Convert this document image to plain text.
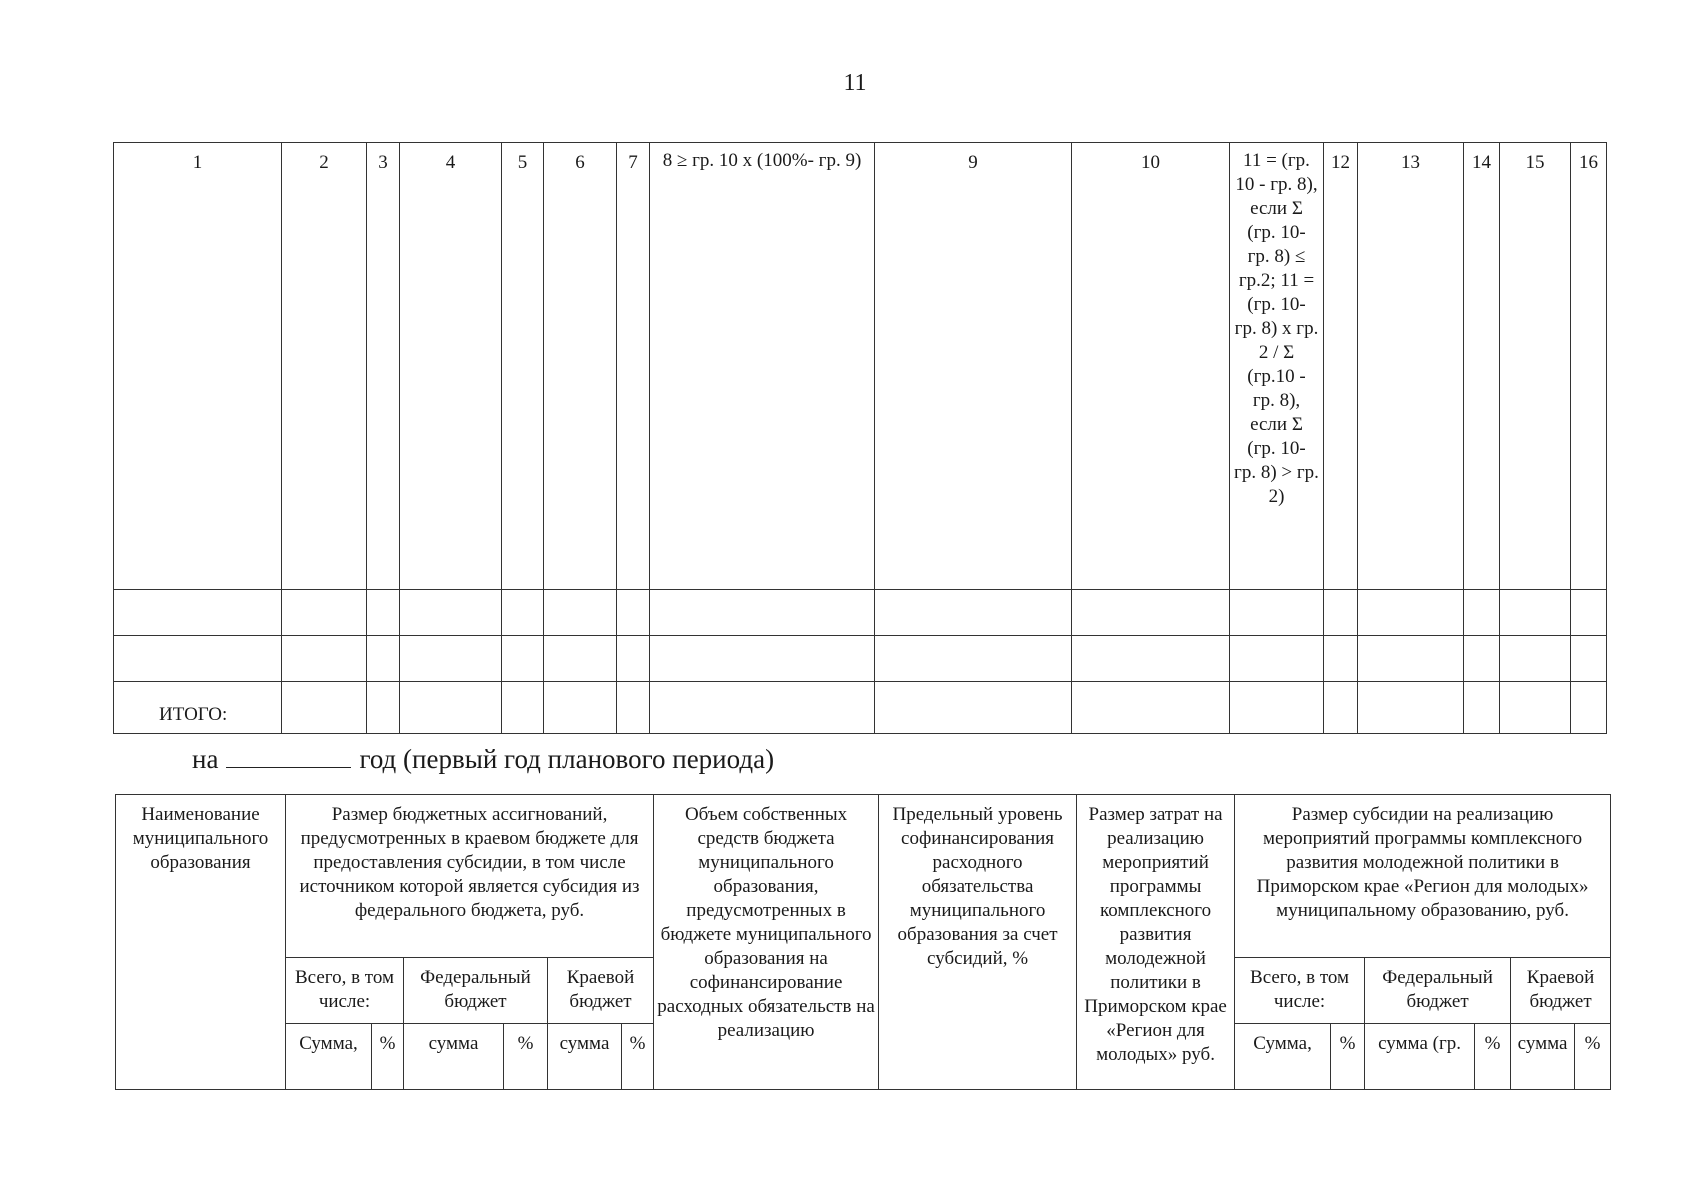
11
1	2	3	4	5	6	7	8 ≥ гр. 10 х (100%- гр. 9)	9	10	11 = (гр. 10 - гр. 8), если Σ (гр. 10- гр. 8) ≤ гр.2; 11 = (гр. 10- гр. 8) х гр. 2 / Σ (гр.10 - гр. 8), если Σ (гр. 10- гр. 8) > гр. 2)	12	13	14	15	16

ИТОГО:															
на	год (первый год планового периода)
Наименование муниципального образования	Размер бюджетных ассигнований, предусмотренных в краевом бюджете для предоставления субсидии, в том числе источником которой является субсидия из федерального бюджета, руб.						Объем собственных средств бюджета муниципального образования, предусмотренных в бюджете муниципального образования на софинансирование расходных обязательств на реализацию	Предельный уровень софинансирования расходного обязательства муниципального образования за счет субсидий, %	Размер затрат на реализацию мероприятий программы комплексного развития молодежной политики в Приморском крае «Регион для молодых» руб.	Размер субсидии на реализацию мероприятий программы комплексного развития молодежной политики в Приморском крае «Регион для молодых» муниципальному образованию, руб.					
	Всего, в том числе:		Федеральный бюджет		Краевой бюджет					Всего, в том числе:		Федеральный бюджет		Краевой бюджет	
	Сумма,	%	сумма	%	сумма	%				Сумма,	%	сумма (гр.	%	сумма	%
